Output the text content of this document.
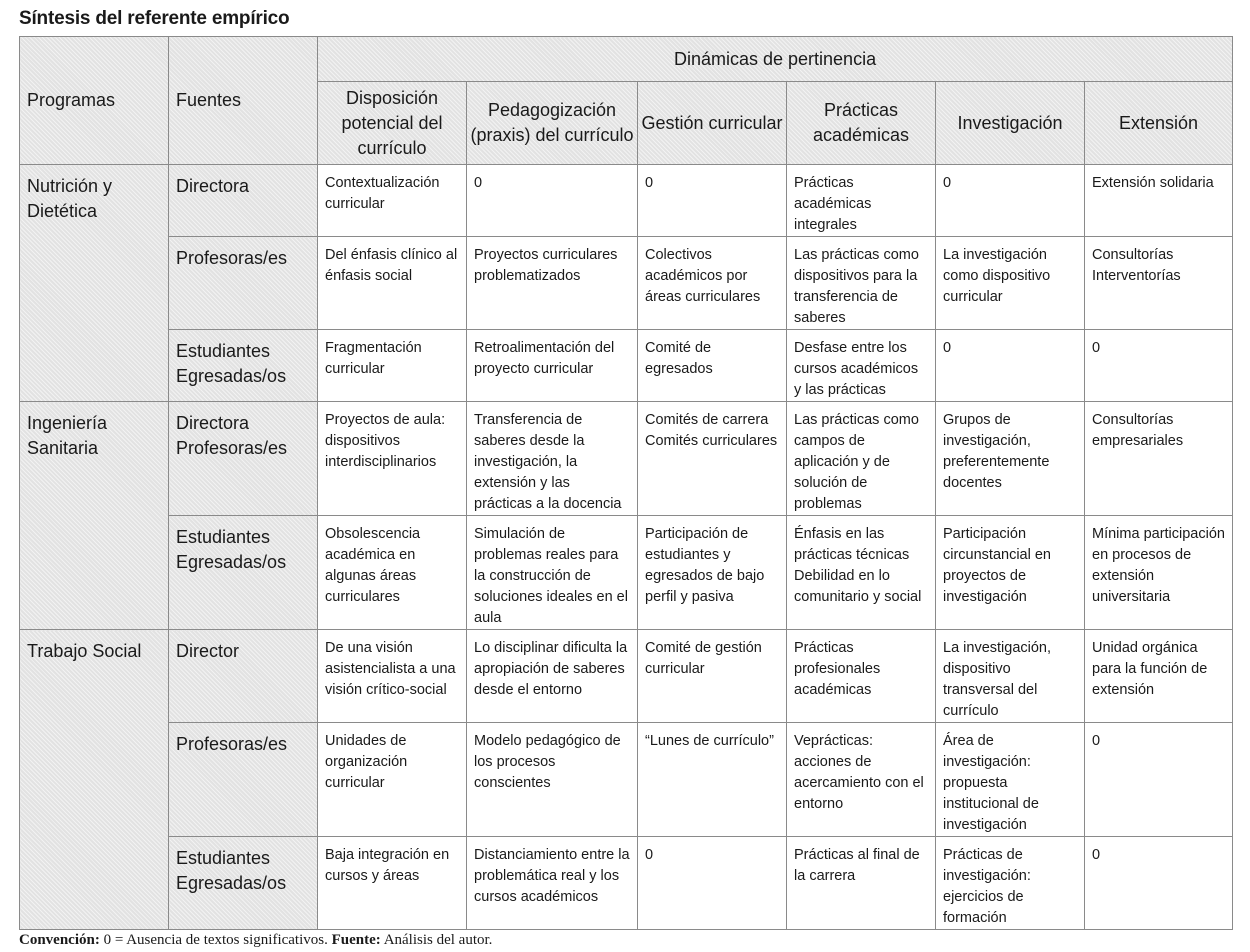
Síntesis del referente empírico
Programas	Fuentes	Dinámicas de pertinencia					
		Disposición potencial del currículo	Pedagogización (praxis) del currículo	Gestión curricular	Prácticas académicas	Investigación	Extensión
Nutrición y Dietética	Directora	Contextualización curricular	0	0	Prácticas académicas integrales	0	Extensión solidaria
	Profesoras/es	Del énfasis clínico al énfasis social	Proyectos curriculares problematizados	Colectivos académicos por áreas curriculares	Las prácticas como dispositivos para la transferencia de saberes	La investigación como dispositivo curricular	Consultorías Interventorías
	Estudiantes Egresadas/os	Fragmentación curricular	Retroalimentación del proyecto curricular	Comité de egresados	Desfase entre los cursos académicos y las prácticas	0	0
Ingeniería Sanitaria	Directora Profesoras/es	Proyectos de aula: dispositivos interdisciplinarios	Transferencia de saberes desde la investigación, la extensión y las prácticas a la docencia	Comités de carrera Comités curriculares	Las prácticas como campos de aplicación y de solución de problemas	Grupos de investigación, preferentemente docentes	Consultorías empresariales
	Estudiantes Egresadas/os	Obsolescencia académica en algunas áreas curriculares	Simulación de problemas reales para la construcción de soluciones ideales en el aula	Participación de estudiantes y egresados de bajo perfil y pasiva	Énfasis en las prácticas técnicas Debilidad en lo comunitario y social	Participación circunstancial en proyectos de investigación	Mínima participación en procesos de extensión universitaria
Trabajo Social	Director	De una visión asistencialista a una visión crítico-social	Lo disciplinar dificulta la apropiación de saberes desde el entorno	Comité de gestión curricular	Prácticas profesionales académicas	La investigación, dispositivo transversal del currículo	Unidad orgánica para la función de extensión
	Profesoras/es	Unidades de organización curricular	Modelo pedagógico de los procesos conscientes	“Lunes de currículo”	Veprácticas: acciones de acercamiento con el entorno	Área de investigación: propuesta institucional de investigación	0
	Estudiantes Egresadas/os	Baja integración en cursos y áreas	Distanciamiento entre la problemática real y los cursos académicos	0	Prácticas al final de la carrera	Prácticas de investigación: ejercicios de formación	0
Convención: 0 = Ausencia de textos significativos. Fuente: Análisis del autor.
